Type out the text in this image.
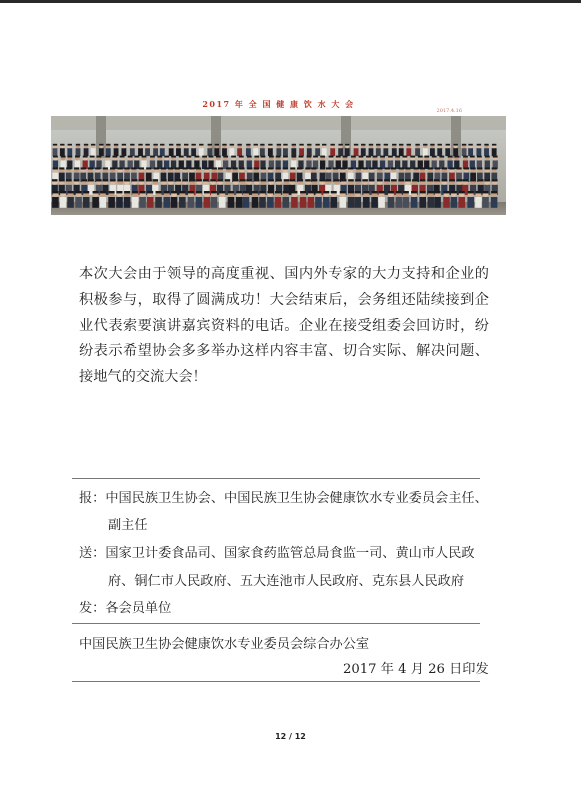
2017 年 全 国 健 康 饮 水 大 会
2017.4.16

本次大会由于领导的高度重视、国内外专家的大力支持和企业的积极参与，取得了圆满成功！大会结束后，会务组还陆续接到企业代表索要演讲嘉宾资料的电话。企业在接受组委会回访时，纷纷表示希望协会多多举办这样内容丰富、切合实际、解决问题、接地气的交流大会！

报：中国民族卫生协会、中国民族卫生协会健康饮水专业委员会主任、
副主任
送：国家卫计委食品司、国家食药监管总局食监一司、黄山市人民政
府、铜仁市人民政府、五大连池市人民政府、克东县人民政府
发：各会员单位
中国民族卫生协会健康饮水专业委员会综合办公室
2017 年 4 月 26 日印发
12 / 12
